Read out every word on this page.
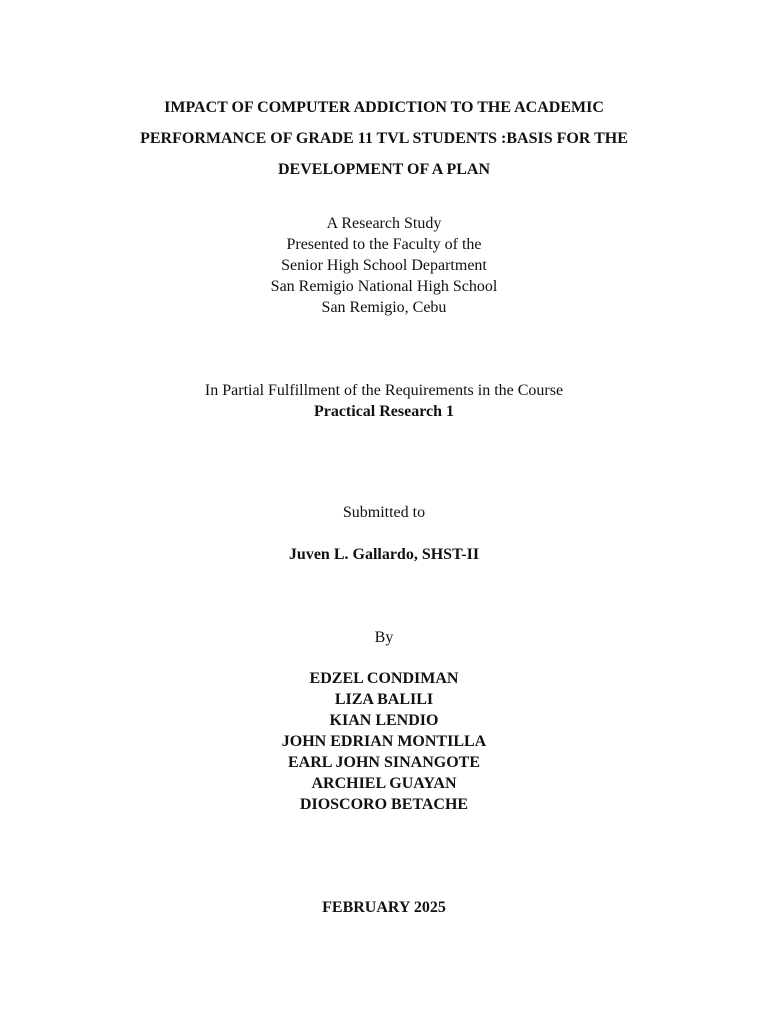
IMPACT OF COMPUTER ADDICTION TO THE ACADEMIC
PERFORMANCE OF GRADE 11 TVL STUDENTS :BASIS FOR THE
DEVELOPMENT OF A PLAN
A Research Study
Presented to the Faculty of the
Senior High School Department
San Remigio National High School
San Remigio, Cebu
In Partial Fulfillment of the Requirements in the Course
Practical Research 1
Submitted to
Juven L. Gallardo, SHST-II
By
EDZEL CONDIMAN
LIZA BALILI
KIAN LENDIO
JOHN EDRIAN MONTILLA
EARL JOHN SINANGOTE
ARCHIEL GUAYAN
DIOSCORO BETACHE
FEBRUARY 2025
